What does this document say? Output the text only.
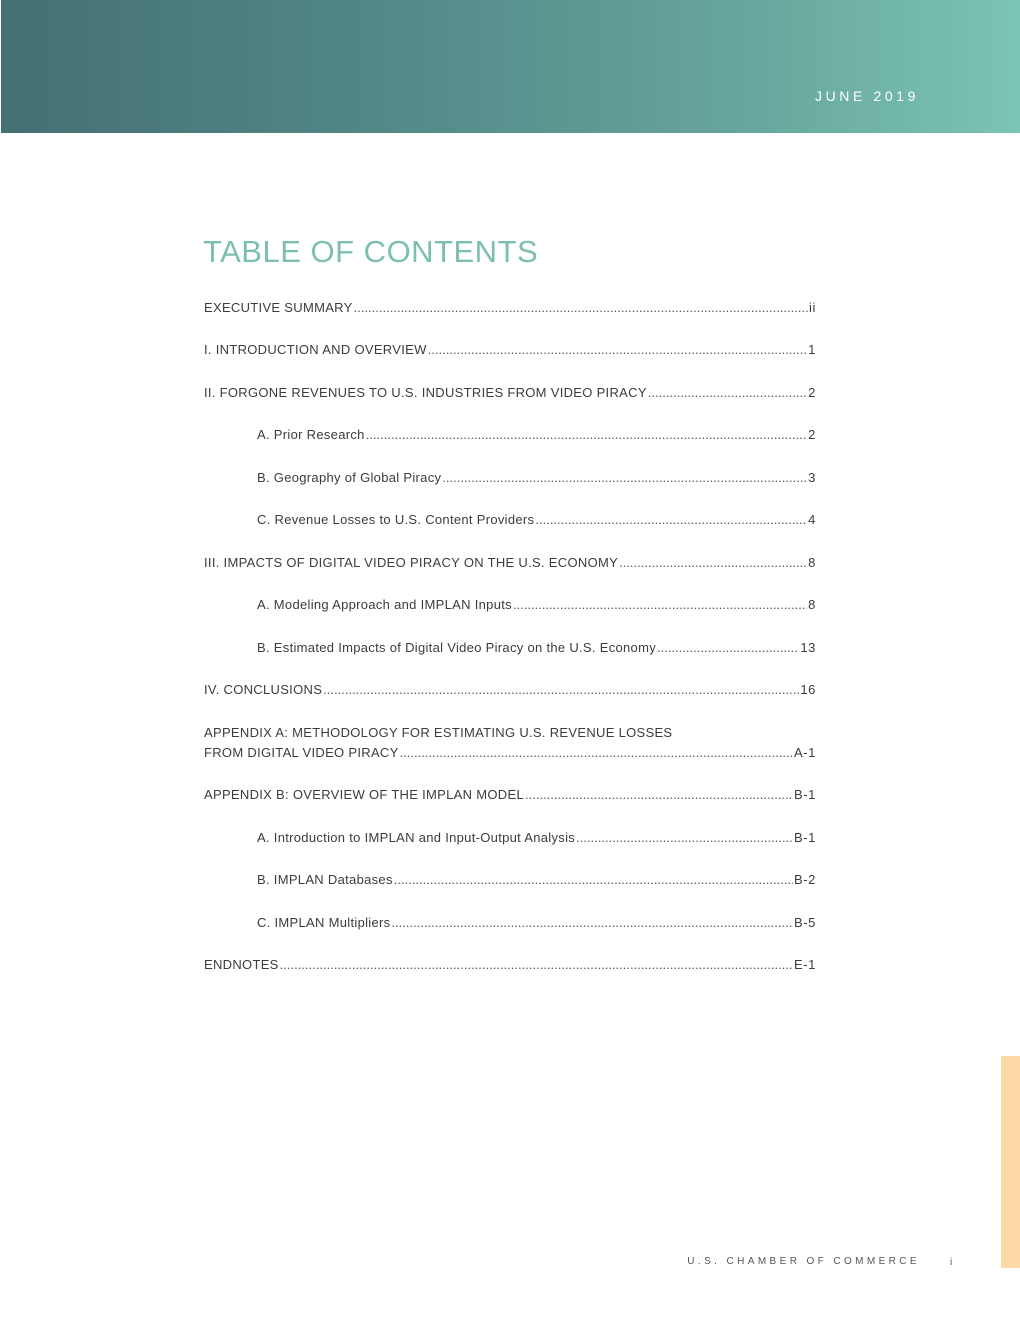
JUNE 2019
TABLE OF CONTENTS
EXECUTIVE SUMMARY .....	ii
I. INTRODUCTION AND OVERVIEW .....	1
II. FORGONE REVENUES TO U.S. INDUSTRIES FROM VIDEO PIRACY .....	2
A. Prior Research .....	2
B. Geography of Global Piracy .....	3
C. Revenue Losses to U.S. Content Providers .....	4
III. IMPACTS OF DIGITAL VIDEO PIRACY ON THE U.S. ECONOMY .....	8
A. Modeling Approach and IMPLAN Inputs .....	8
B. Estimated Impacts of Digital Video Piracy on the U.S. Economy .....	13
IV. CONCLUSIONS .....	16
APPENDIX A: METHODOLOGY FOR ESTIMATING U.S. REVENUE LOSSES
FROM DIGITAL VIDEO PIRACY .....	A-1
APPENDIX B: OVERVIEW OF THE IMPLAN MODEL .....	B-1
A. Introduction to IMPLAN and Input-Output Analysis .....	B-1
B. IMPLAN Databases .....	B-2
C. IMPLAN Multipliers .....	B-5
ENDNOTES .....	E-1
U.S. CHAMBER OF COMMERCE	i
